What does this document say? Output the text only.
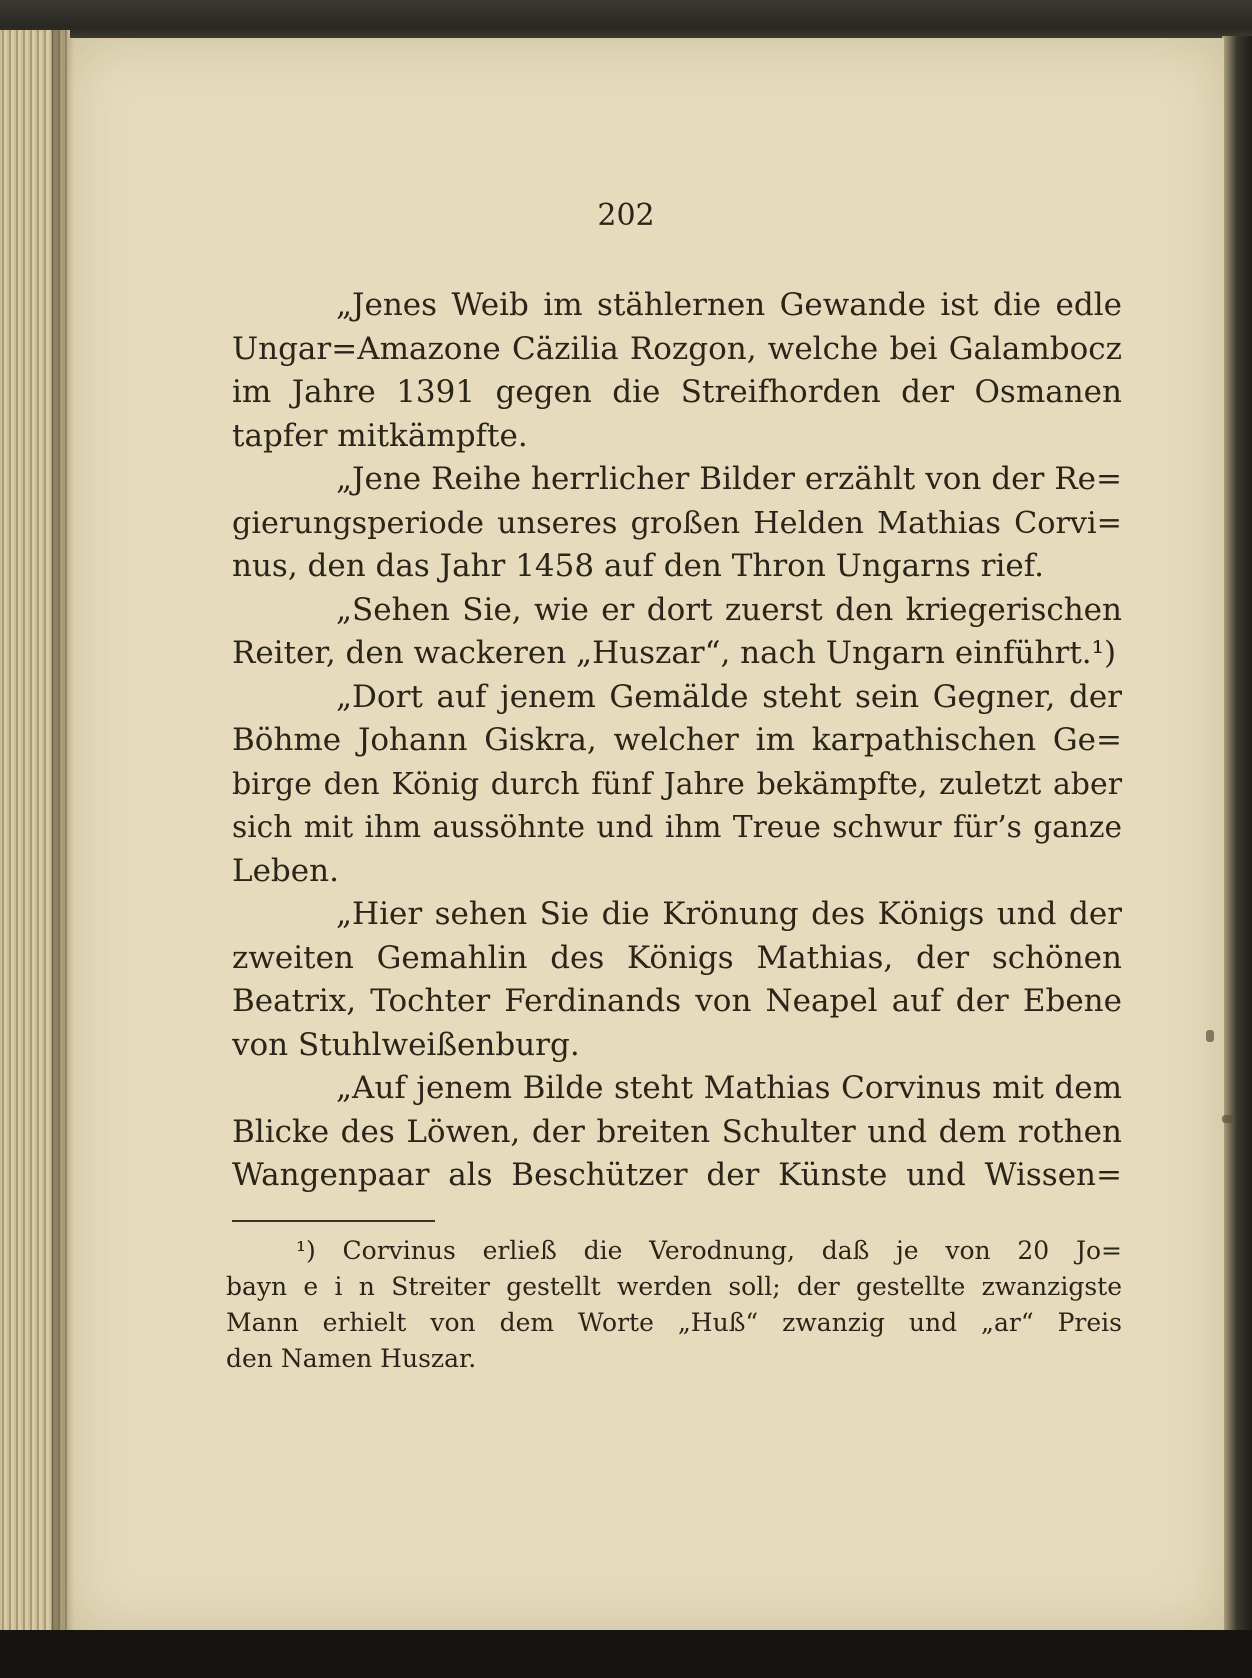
202
„Jenes Weib im stählernen Gewande ist die edle
Ungar=Amazone Cäzilia Rozgon, welche bei Galambocz
im Jahre 1391 gegen die Streifhorden der Osmanen
tapfer mitkämpfte.
„Jene Reihe herrlicher Bilder erzählt von der Re=
gierungsperiode unseres großen Helden Mathias Corvi=
nus, den das Jahr 1458 auf den Thron Ungarns rief.
„Sehen Sie, wie er dort zuerst den kriegerischen
Reiter, den wackeren „Huszar“, nach Ungarn einführt.¹)
„Dort auf jenem Gemälde steht sein Gegner, der
Böhme Johann Giskra, welcher im karpathischen Ge=
birge den König durch fünf Jahre bekämpfte, zuletzt aber
sich mit ihm aussöhnte und ihm Treue schwur für’s ganze
Leben.
„Hier sehen Sie die Krönung des Königs und der
zweiten Gemahlin des Königs Mathias, der schönen
Beatrix, Tochter Ferdinands von Neapel auf der Ebene
von Stuhlweißenburg.
„Auf jenem Bilde steht Mathias Corvinus mit dem
Blicke des Löwen, der breiten Schulter und dem rothen
Wangenpaar als Beschützer der Künste und Wissen=
¹) Corvinus erließ die Verodnung, daß je von 20 Jo=
bayn e i n Streiter gestellt werden soll; der gestellte zwanzigste
Mann erhielt von dem Worte „Huß“ zwanzig und „ar“ Preis
den Namen Huszar.
